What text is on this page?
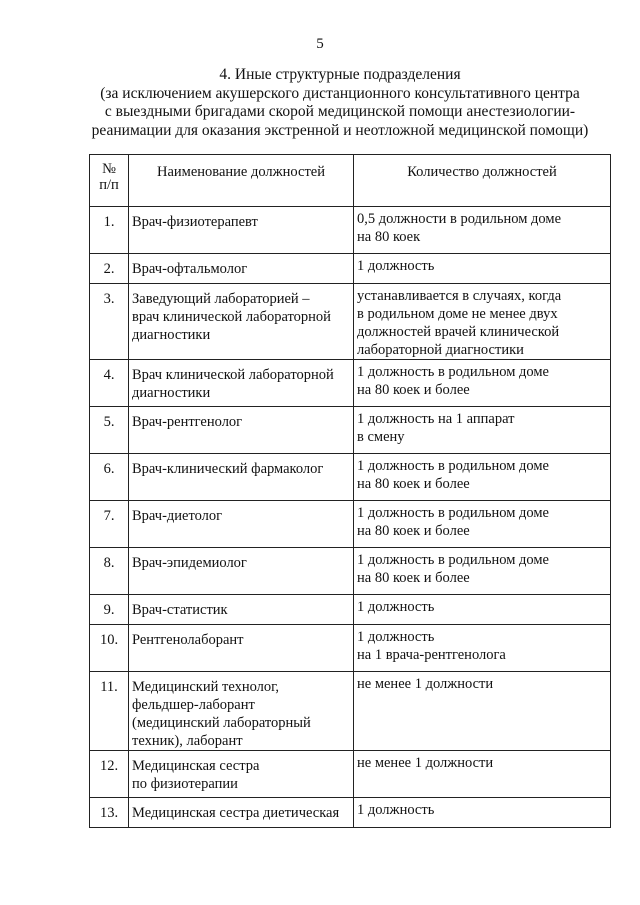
5
4. Иные структурные подразделения
(за исключением акушерского дистанционного консультативного центра
с выездными бригадами скорой медицинской помощи анестезиологии-
реанимации для оказания экстренной и неотложной медицинской помощи)
№
п/п	Наименование должностей	Количество должностей
1.	Врач-физиотерапевт	0,5 должности в родильном доме
на 80 коек
2.	Врач-офтальмолог	1 должность
3.	Заведующий лабораторией –
врач клинической лабораторной
диагностики	устанавливается в случаях, когда
в родильном доме не менее двух
должностей врачей клинической
лабораторной диагностики
4.	Врач клинической лабораторной
диагностики	1 должность в родильном доме
на 80 коек и более
5.	Врач-рентгенолог	1 должность на 1 аппарат
в смену
6.	Врач-клинический фармаколог	1 должность в родильном доме
на 80 коек и более
7.	Врач-диетолог	1 должность в родильном доме
на 80 коек и более
8.	Врач-эпидемиолог	1 должность в родильном доме
на 80 коек и более
9.	Врач-статистик	1 должность
10.	Рентгенолаборант	1 должность
на 1 врача-рентгенолога
11.	Медицинский технолог,
фельдшер-лаборант
(медицинский лабораторный
техник), лаборант	не менее 1 должности
12.	Медицинская сестра
по физиотерапии	не менее 1 должности
13.	Медицинская сестра диетическая	1 должность
